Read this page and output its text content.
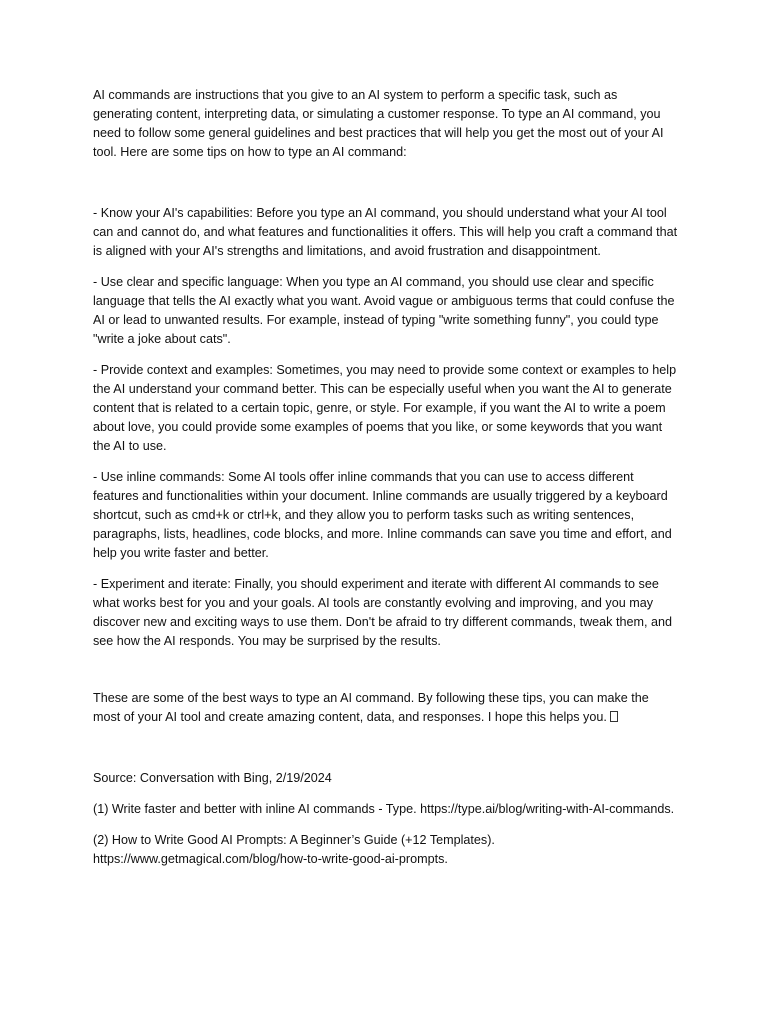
AI commands are instructions that you give to an AI system to perform a specific task, such as generating content, interpreting data, or simulating a customer response. To type an AI command, you need to follow some general guidelines and best practices that will help you get the most out of your AI tool. Here are some tips on how to type an AI command:

- Know your AI's capabilities: Before you type an AI command, you should understand what your AI tool can and cannot do, and what features and functionalities it offers. This will help you craft a command that is aligned with your AI's strengths and limitations, and avoid frustration and disappointment.

- Use clear and specific language: When you type an AI command, you should use clear and specific language that tells the AI exactly what you want. Avoid vague or ambiguous terms that could confuse the AI or lead to unwanted results. For example, instead of typing "write something funny", you could type "write a joke about cats".

- Provide context and examples: Sometimes, you may need to provide some context or examples to help the AI understand your command better. This can be especially useful when you want the AI to generate content that is related to a certain topic, genre, or style. For example, if you want the AI to write a poem about love, you could provide some examples of poems that you like, or some keywords that you want the AI to use.

- Use inline commands: Some AI tools offer inline commands that you can use to access different features and functionalities within your document. Inline commands are usually triggered by a keyboard shortcut, such as cmd+k or ctrl+k, and they allow you to perform tasks such as writing sentences, paragraphs, lists, headlines, code blocks, and more. Inline commands can save you time and effort, and help you write faster and better.

- Experiment and iterate: Finally, you should experiment and iterate with different AI commands to see what works best for you and your goals. AI tools are constantly evolving and improving, and you may discover new and exciting ways to use them. Don't be afraid to try different commands, tweak them, and see how the AI responds. You may be surprised by the results.

These are some of the best ways to type an AI command. By following these tips, you can make the most of your AI tool and create amazing content, data, and responses. I hope this helps you.

Source: Conversation with Bing, 2/19/2024

(1) Write faster and better with inline AI commands - Type. https://type.ai/blog/writing-with-AI-commands.

(2) How to Write Good AI Prompts: A Beginner’s Guide (+12 Templates). https://www.getmagical.com/blog/how-to-write-good-ai-prompts.
